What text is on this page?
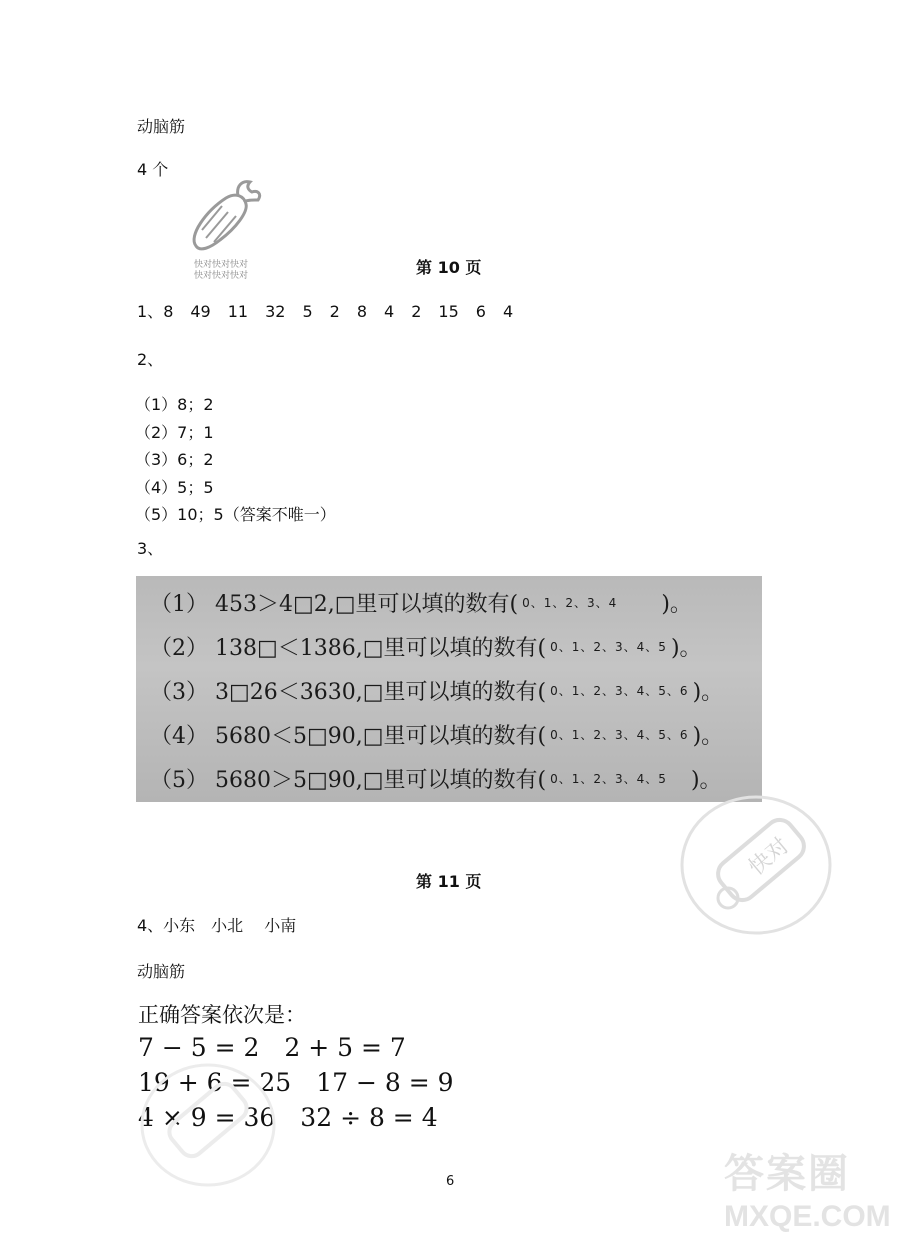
动脑筋
4 个
快对快对快对
快对快对快对	第 10 页
1、8 49 11 32 5 2 8 4 2 15 6 4
2、
（1）8；2
（2）7；1
（3）6；2
（4）5；5
（5）10；5（答案不唯一）
3、
（1） 453＞4□2,□里可以填的数有( 0、1、2、3、4 )。
（2） 138□＜1386,□里可以填的数有( 0、1、2、3、4、5 )。
（3） 3□26＜3630,□里可以填的数有( 0、1、2、3、4、5、6 )。
（4） 5680＜5□90,□里可以填的数有( 0、1、2、3、4、5、6 )。
（5） 5680＞5□90,□里可以填的数有( 0、1、2、3、4、5 )。
快对
第 11 页
4、小东　小北　 小南
动脑筋
正确答案依次是：
7 − 5 = 2　2 + 5 = 7
19 + 6 = 25　17 − 8 = 9
4 × 9 = 36　32 ÷ 8 = 4
6	答案圈
MXQE.COM
